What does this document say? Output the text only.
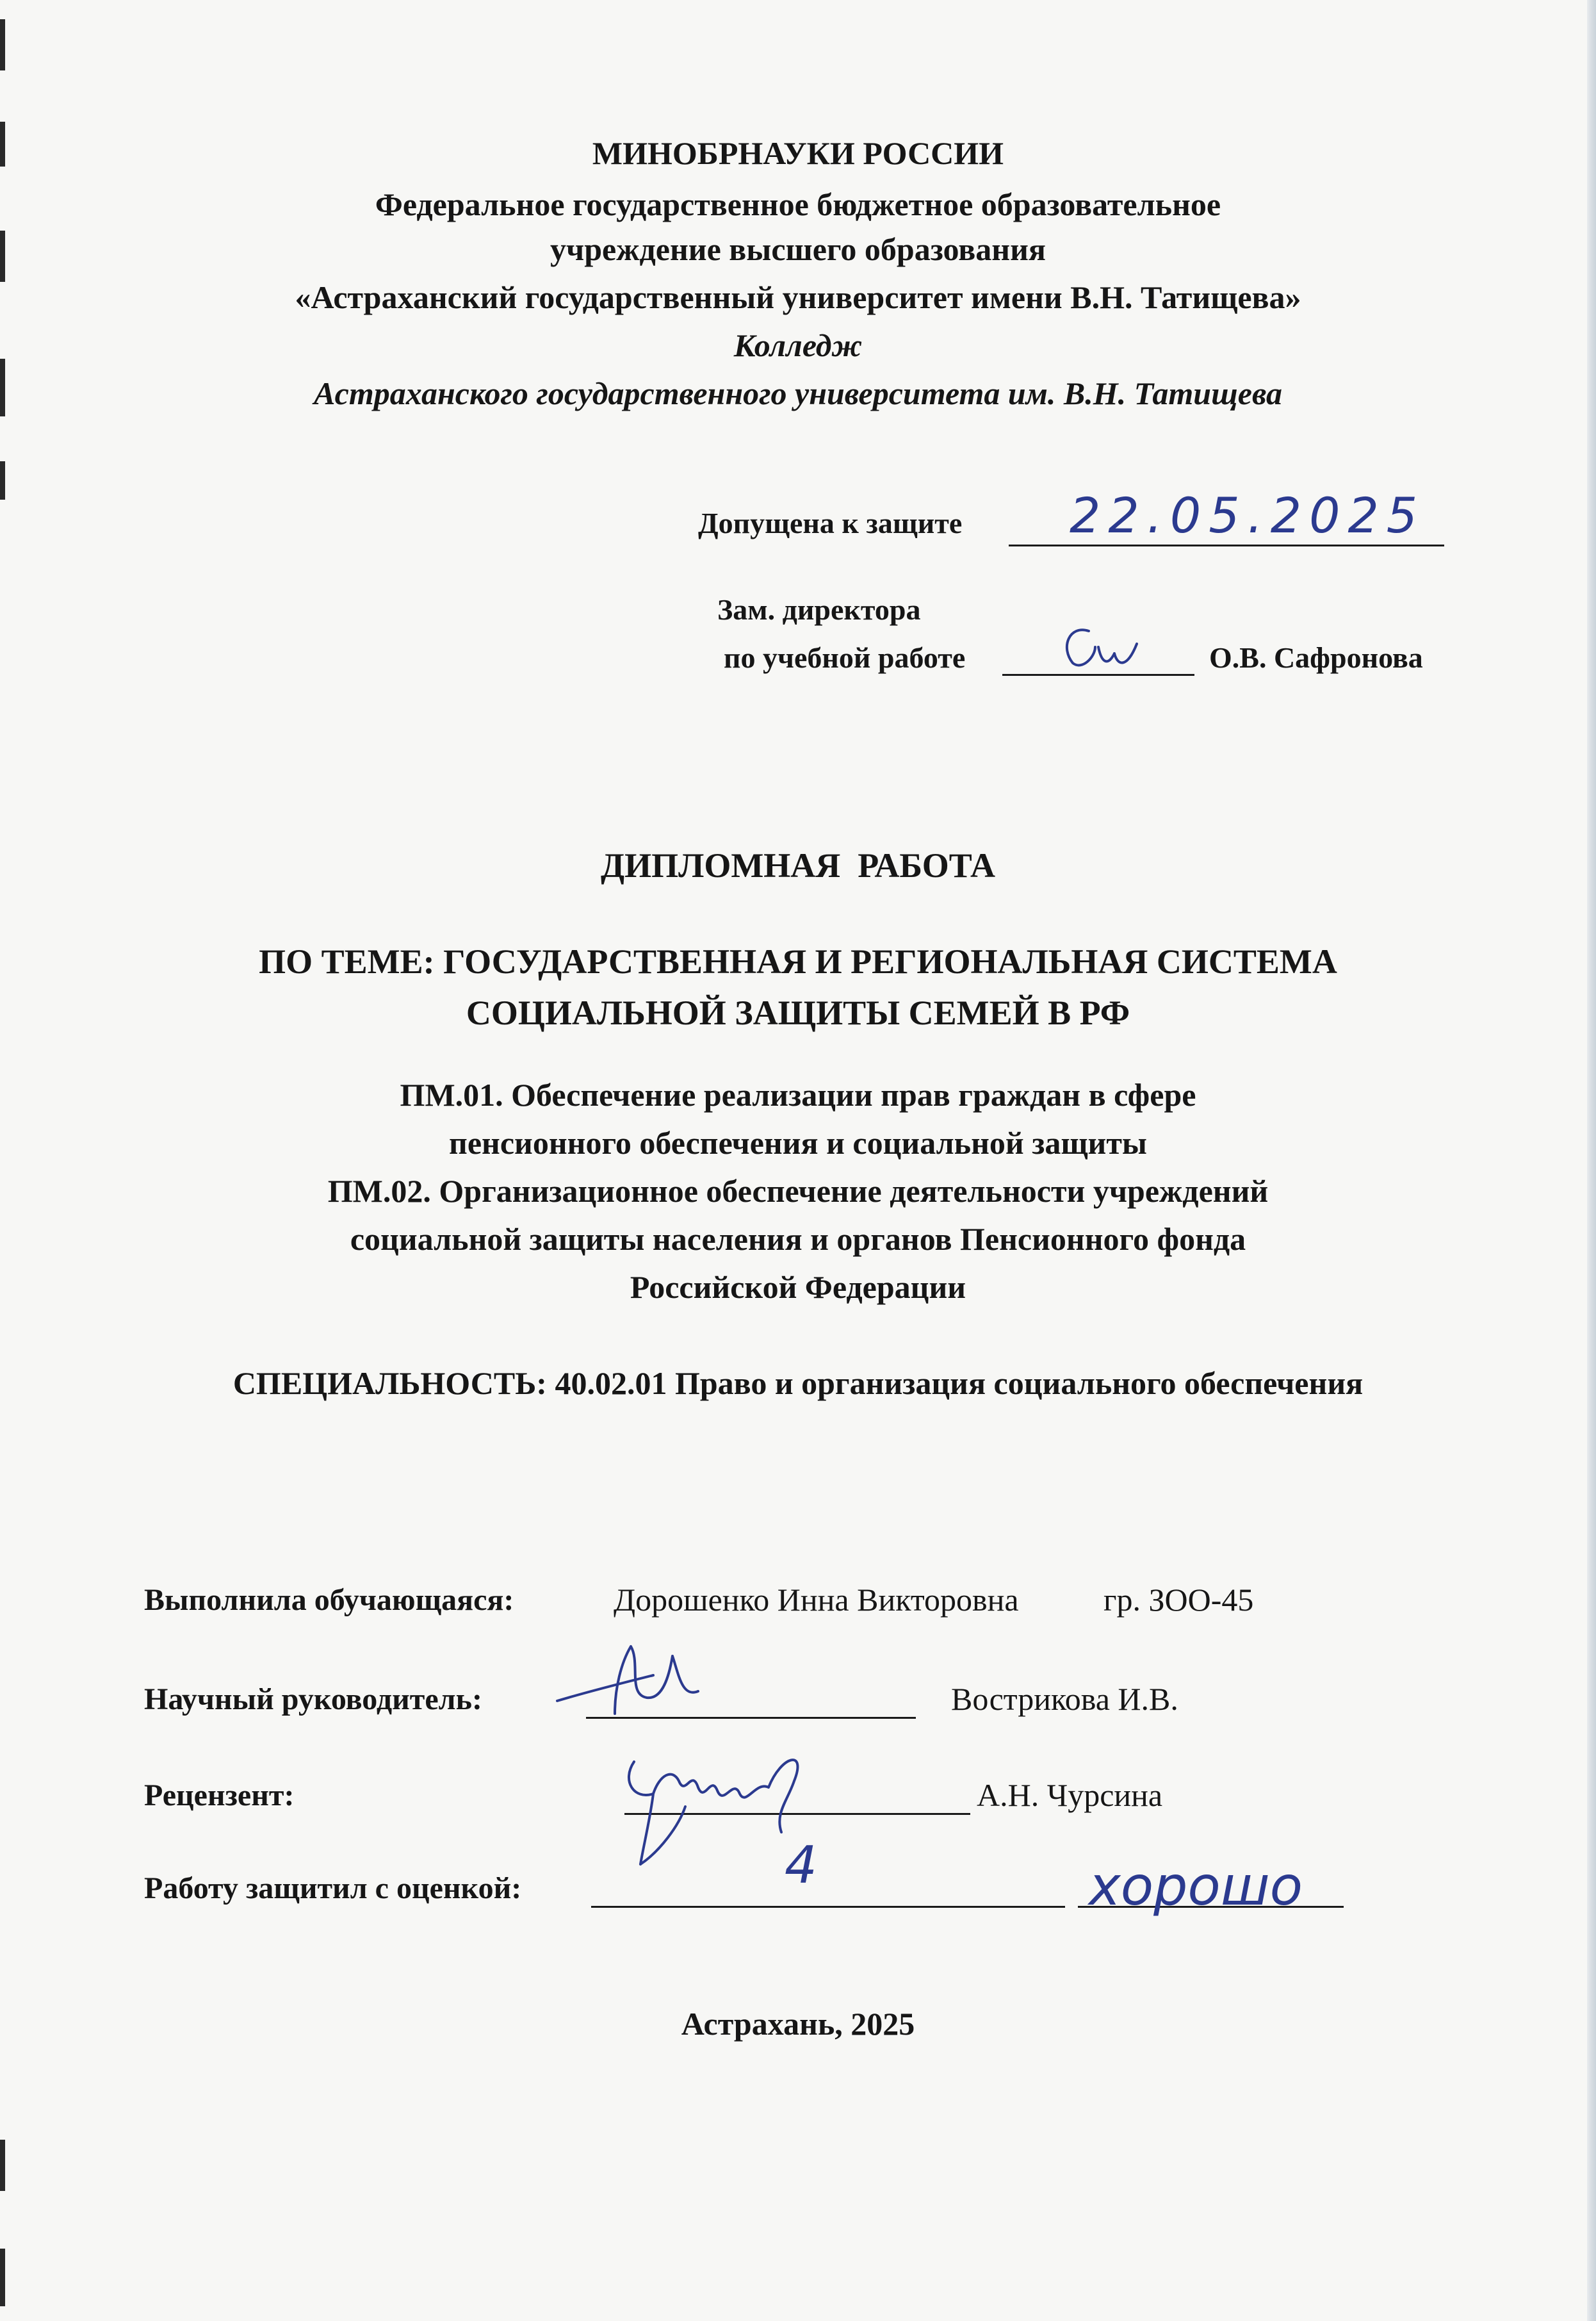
МИНОБРНАУКИ РОССИИ
Федеральное государственное бюджетное образовательное
учреждение высшего образования
«Астраханский государственный университет имени В.Н. Татищева»
Колледж
Астраханского государственного университета им. В.Н. Татищева
Допущена к защите 22.05.2025
Зам. директора
по учебной работе	О.В. Сафронова
ДИПЛОМНАЯ  РАБОТА
ПО ТЕМЕ: ГОСУДАРСТВЕННАЯ И РЕГИОНАЛЬНАЯ СИСТЕМА
СОЦИАЛЬНОЙ ЗАЩИТЫ СЕМЕЙ В РФ
ПМ.01. Обеспечение реализации прав граждан в сфере
пенсионного обеспечения и социальной защиты
ПМ.02. Организационное обеспечение деятельности учреждений
социальной защиты населения и органов Пенсионного фонда
Российской Федерации
СПЕЦИАЛЬНОСТЬ: 40.02.01 Право и организация социального обеспечения
Выполнила обучающаяся:	Дорошенко Инна Викторовна	гр. ЗОО-45
Научный руководитель:	Вострикова И.В.
Рецензент:	А.Н. Чурсина
Работу защитил с оценкой:	4	хорошо
Астрахань, 2025
